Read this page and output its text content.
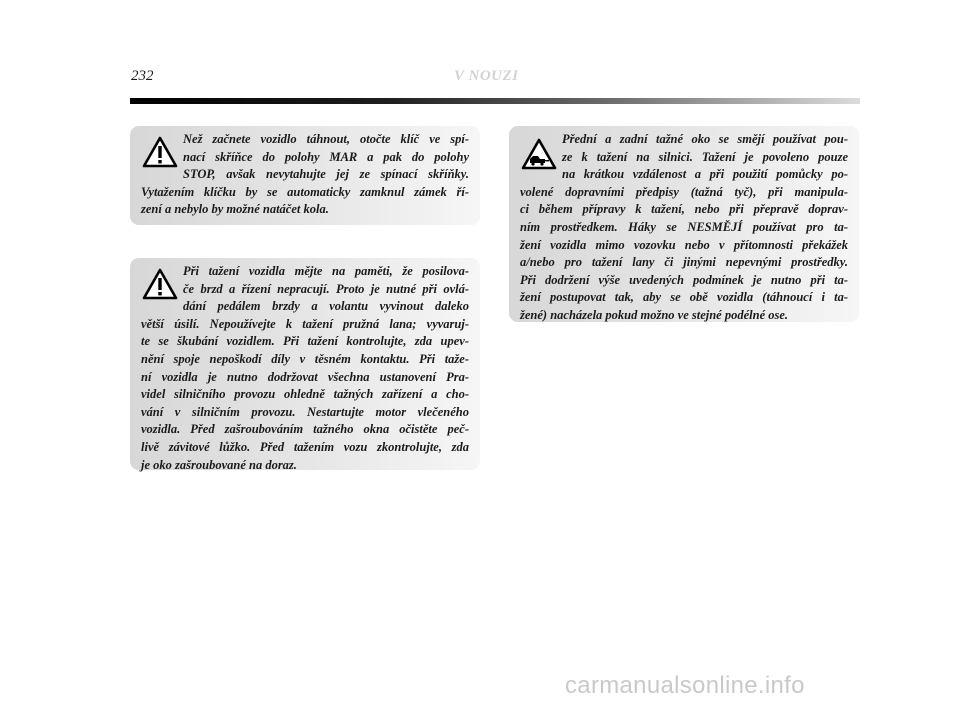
232	V NOUZI

Než začnete vozidlo táhnout, otočte klíč ve spí-
nací skříňce do polohy MAR a pak do polohy
STOP, avšak nevytahujte jej ze spínací skříňky.
Vytažením klíčku by se automaticky zamknul zámek ří-
zení a nebylo by možné natáčet kola.

Při tažení vozidla mějte na paměti, že posilova-
če brzd a řízení nepracují. Proto je nutné při ovlá-
dání pedálem brzdy a volantu vyvinout daleko
větší úsilí. Nepoužívejte k tažení pružná lana; vyvaruj-
te se škubání vozidlem. Při tažení kontrolujte, zda upev-
nění spoje nepoškodí díly v těsném kontaktu. Při taže-
ní vozidla je nutno dodržovat všechna ustanovení Pra-
videl silničního provozu ohledně tažných zařízení a cho-
vání v silničním provozu. Nestartujte motor vlečeného
vozidla. Před zašroubováním tažného okna očistěte peč-
livě závitové lůžko. Před tažením vozu zkontrolujte, zda
je oko zašroubované na doraz.

Přední a zadní tažné oko se smějí používat pou-
ze k tažení na silnici. Tažení je povoleno pouze
na krátkou vzdálenost a při použití pomůcky po-
volené dopravními předpisy (tažná tyč), při manipula-
ci během přípravy k tažení, nebo při přepravě doprav-
ním prostředkem. Háky se NESMĚJÍ používat pro ta-
žení vozidla mimo vozovku nebo v přítomnosti překážek
a/nebo pro tažení lany či jinými nepevnými prostředky.
Při dodržení výše uvedených podmínek je nutno při ta-
žení postupovat tak, aby se obě vozidla (táhnoucí i ta-
žené) nacházela pokud možno ve stejné podélné ose.

carmanualsonline.info
